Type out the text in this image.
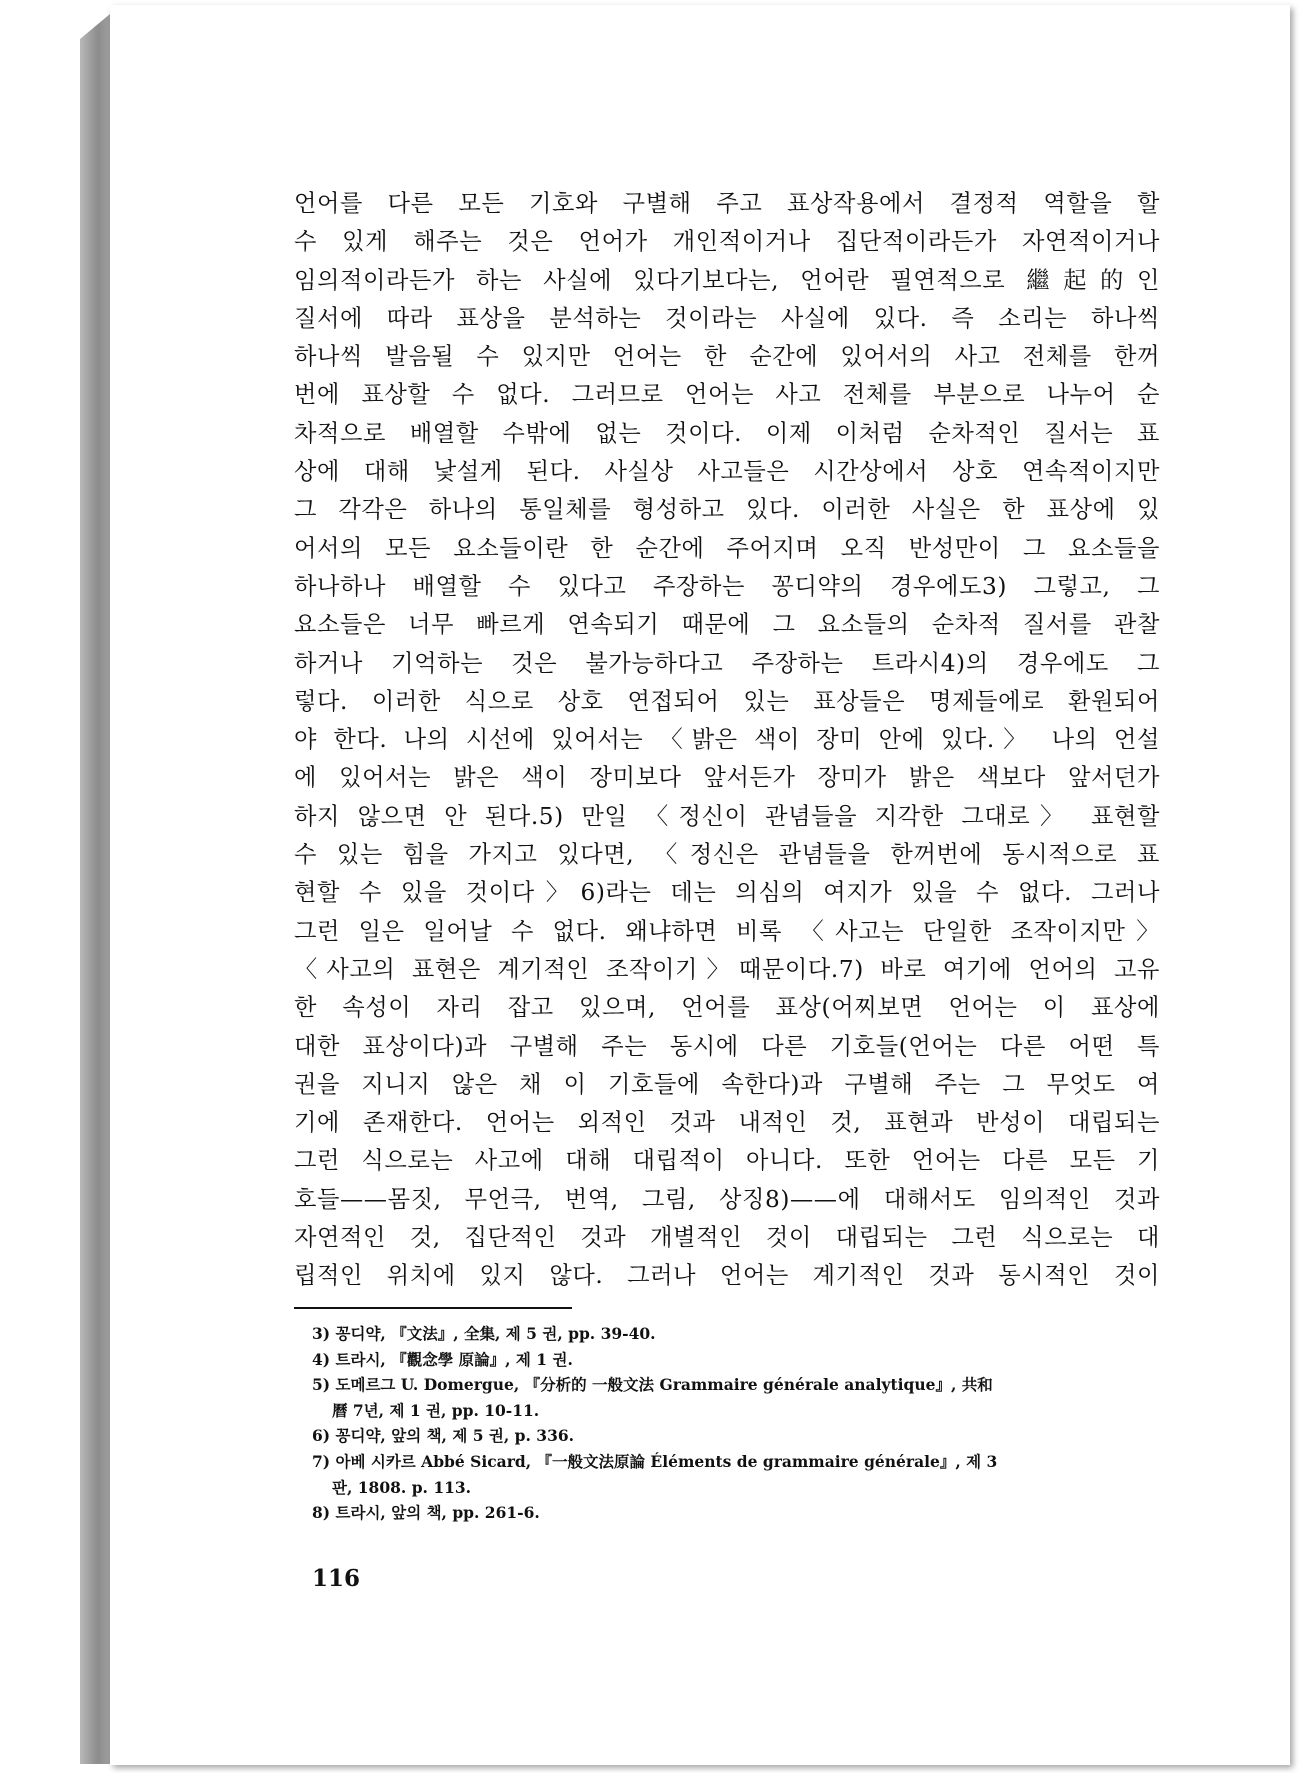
언어를 다른 모든 기호와 구별해 주고 표상작용에서 결정적 역할을 할
수 있게 해주는 것은 언어가 개인적이거나 집단적이라든가 자연적이거나
임의적이라든가 하는 사실에 있다기보다는, 언어란 필연적으로 繼起的인
질서에 따라 표상을 분석하는 것이라는 사실에 있다. 즉 소리는 하나씩
하나씩 발음될 수 있지만 언어는 한 순간에 있어서의 사고 전체를 한꺼
번에 표상할 수 없다. 그러므로 언어는 사고 전체를 부분으로 나누어 순
차적으로 배열할 수밖에 없는 것이다. 이제 이처럼 순차적인 질서는 표
상에 대해 낯설게 된다. 사실상 사고들은 시간상에서 상호 연속적이지만
그 각각은 하나의 통일체를 형성하고 있다. 이러한 사실은 한 표상에 있
어서의 모든 요소들이란 한 순간에 주어지며 오직 반성만이 그 요소들을
하나하나 배열할 수 있다고 주장하는 꽁디약의 경우에도3) 그렇고, 그
요소들은 너무 빠르게 연속되기 때문에 그 요소들의 순차적 질서를 관찰
하거나 기억하는 것은 불가능하다고 주장하는 트라시4)의 경우에도 그
렇다. 이러한 식으로 상호 연접되어 있는 표상들은 명제들에로 환원되어
야 한다. 나의 시선에 있어서는 〈밝은 색이 장미 안에 있다.〉 나의 언설
에 있어서는 밝은 색이 장미보다 앞서든가 장미가 밝은 색보다 앞서던가
하지 않으면 안 된다.5) 만일 〈정신이 관념들을 지각한 그대로〉 표현할
수 있는 힘을 가지고 있다면, 〈정신은 관념들을 한꺼번에 동시적으로 표
현할 수 있을 것이다〉6)라는 데는 의심의 여지가 있을 수 없다. 그러나
그런 일은 일어날 수 없다. 왜냐하면 비록 〈사고는 단일한 조작이지만〉
〈사고의 표현은 계기적인 조작이기〉때문이다.7) 바로 여기에 언어의 고유
한 속성이 자리 잡고 있으며, 언어를 표상(어찌보면 언어는 이 표상에
대한 표상이다)과 구별해 주는 동시에 다른 기호들(언어는 다른 어떤 특
권을 지니지 않은 채 이 기호들에 속한다)과 구별해 주는 그 무엇도 여
기에 존재한다. 언어는 외적인 것과 내적인 것, 표현과 반성이 대립되는
그런 식으로는 사고에 대해 대립적이 아니다. 또한 언어는 다른 모든 기
호들——몸짓, 무언극, 번역, 그림, 상징8)——에 대해서도 임의적인 것과
자연적인 것, 집단적인 것과 개별적인 것이 대립되는 그런 식으로는 대
립적인 위치에 있지 않다. 그러나 언어는 계기적인 것과 동시적인 것이
3) 꽁디약, 『文法』, 全集, 제 5 권, pp. 39-40.
4) 트라시, 『觀念學 原論』, 제 1 권.
5) 도메르그 U. Domergue, 『分析的 一般文法 Grammaire générale analytique』, 共和
曆 7년, 제 1 권, pp. 10-11.
6) 꽁디약, 앞의 책, 제 5 권, p. 336.
7) 아베 시카르 Abbé Sicard, 『一般文法原論 Éléments de grammaire générale』, 제 3
판, 1808. p. 113.
8) 트라시, 앞의 책, pp. 261-6.
116
